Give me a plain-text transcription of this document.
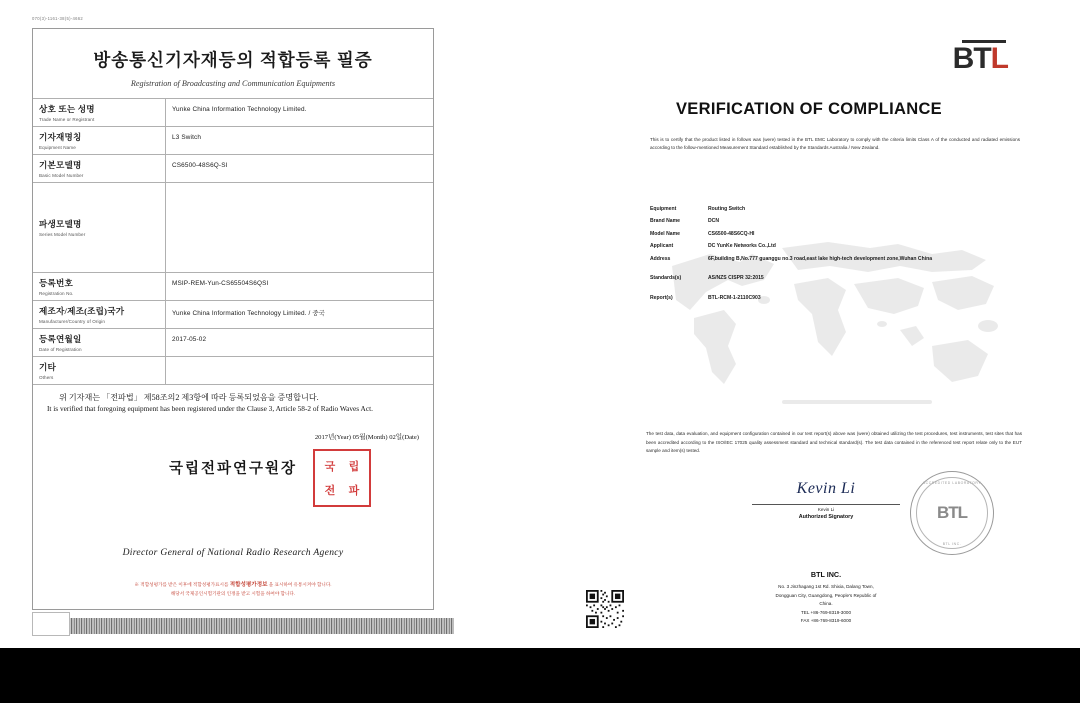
070(3)-1161-38(5)-4662
방송통신기자재등의 적합등록 필증
Registration of Broadcasting and Communication Equipments
상호 또는 성명
Trade Name or Registrant	Yunke China Information Technology Limited.

기자재명칭
Equipment Name	L3 Switch

기본모델명
Basic Model Number	CS6500-48S6Q-SI

파생모델명
Series Model Number	

등록번호
Registration No.	MSIP-REM-Yun-CS65504S6QSI

제조자/제조(조립)국가
Manufacturer/Country of Origin	Yunke China Information Technology Limited. / 중국

등록연월일
Date of Registration	2017-05-02

기타
Others	

위 기자재는 「전파법」 제58조의2 제3항에 따라 등록되었음을 증명합니다.
It is verified that foregoing equipment has been registered under the Clause 3, Article 58-2 of Radio Waves Act.
2017년(Year) 05월(Month) 02일(Date)
국립전파연구원장	국	립
전	파
Director General of National Radio Research Agency
※ 적합성평가를 받은 이후에 적합성평가표시를 적합성평가정보 을 표시하여 유통시켜야 합니다.
해당서 국제공인시험기관의 인정을 받고 시험을 하여야 합니다.
BTL
VERIFICATION OF COMPLIANCE
This is to certify that the product listed in follows was (were) tested in the BTL EMC Laboratory to comply with the criteria limits Class A of the conducted and radiated emissions according to the follow-mentioned Measurement Standard established by the Standards Australia / New Zealand.
Equipment	Routing Switch
Brand Name	DCN
Model Name	CS6500-48S6CQ-HI
Applicant	DC YunKe Networks Co.,Ltd
Address	6F,building B,No.777 guanggu no.3 road,east lake high-tech development zone,Wuhan China
Standards(s)	AS/NZS CISPR 32:2015
Report(s)	BTL-RCM-1-2110C903
The test data, data evaluation, and equipment configuration contained in our test report(s) above was (were) obtained utilizing the test procedures, test instruments, test sites that has been accredited according to the ISO/IEC 17025 quality assessment standard and technical standard(s). The test data contained in the referenced test report relate only to the EUT sample and item(s) tested.
Kevin Li
Kevin Li
Authorized Signatory
ACCREDITED LABORATORY
BTL
BTL INC.
BTL INC.
No. 3 Jinzhagang 1st Rd. Shixia, Dalang Town,
Dongguan City, Guangdong, People's Republic of
China.
TEL +86-769-8319-3000
FAX +86-769-8319-6000
